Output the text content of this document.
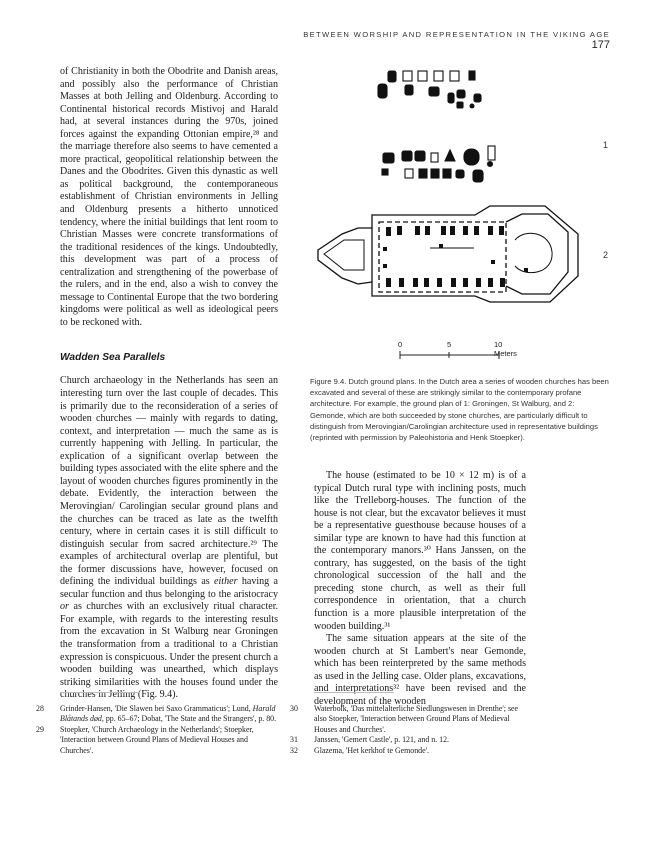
BETWEEN WORSHIP AND REPRESENTATION IN THE VIKING AGE 177

of Christianity in both the Obodrite and Danish areas, and possibly also the performance of Christian Masses at both Jelling and Oldenburg. According to Continental historical records Mistivoj and Harald had, at several instances during the 970s, joined forces against the expanding Ottonian empire,²⁸ and the marriage therefore also seems to have cemented a more practical, geopolitical relationship between the Danes and the Obodrites. Given this dynastic as well as political background, the contemporaneous establishment of Christian environments in Jelling and Oldenburg presents a hitherto unnoticed tendency, where the initial buildings that lent room to Christian Masses were concrete transformations of the traditional residences of the kings. Undoubtedly, this development was part of a process of centralization and strengthening of the powerbase of the rulers, and in the end, also a wish to convey the message to Continental Europe that the two bordering kingdoms were political as well as ideological peers to be reckoned with.

Wadden Sea Parallels

Church archaeology in the Netherlands has seen an interesting turn over the last couple of decades. This is primarily due to the reconsideration of a series of wooden churches — mainly with regards to dating, context, and interpretation — much the same as is currently happening with Jelling. In particular, the explication of a significant overlap between the building types associated with the elite sphere and the layout of wooden churches figures prominently in the debate. Evidently, the interaction between the Merovingian/ Carolingian secular ground plans and the churches can be traced as late as the twelfth century, where in certain cases it is still difficult to distinguish secular from sacred architecture.²⁹ The examples of architectural overlap are plentiful, but the former discussions have, however, focused on defining the individual buildings as either having a secular function and thus belonging to the aristocracy or as churches with an exclusively ritual character. For example, with regards to the interesting results from the excavation in St Walburg near Groningen the transformation from a traditional to a Christian expression is conspicuous. Under the present church a wooden building was unearthed, which displays striking similarities with the houses found under the churches in Jelling (Fig. 9.4).

1
2
0	5	10 Meters
Figure 9.4. Dutch ground plans. In the Dutch area a series of wooden churches has been excavated and several of these are strikingly similar to the contemporary profane architecture. For example, the ground plan of 1: Groningen, St Walburg, and 2: Gemonde, which are both succeeded by stone churches, are particularly difficult to distinguish from Merovingian/Carolingian architecture used in representative buildings (reprinted with permission by Paleohistoria and Henk Stoepker).

The house (estimated to be 10 × 12 m) is of a typical Dutch rural type with inclining posts, much like the Trelleborg-houses. The function of the house is not clear, but the excavator believes it must be a representative guesthouse because houses of a similar type are known to have had this function at the contemporary manors.³⁰ Hans Janssen, on the contrary, has suggested, on the basis of the tight chronological succession of the hall and the preceding stone church, as well as their full correspondence in orientation, that a church function is a more plausible interpretation of the wooden building.³¹

The same situation appears at the site of the wooden church at St Lambert's near Gemonde, which has been reinterpreted by the same methods as used in the Jelling case. Older plans, excavations, and interpretations³² have been revised and the development of the wooden

28 Grinder-Hansen, 'Die Slawen bei Saxo Grammaticus'; Lund, Harald Blåtands død, pp. 65–67; Dobat, 'The State and the Strangers', p. 80.

29 Stoepker, 'Church Archaeology in the Netherlands'; Stoepker, 'Interaction between Ground Plans of Medieval Houses and Churches'.

30 Waterbolk, 'Das mittelalterliche Siedlungswesen in Drenthe'; see also Stoepker, 'Interaction between Ground Plans of Medieval Houses and Churches'.

31 Janssen, 'Gemert Castle', p. 121, and n. 12.

32 Glazema, 'Het kerkhof te Gemonde'.
